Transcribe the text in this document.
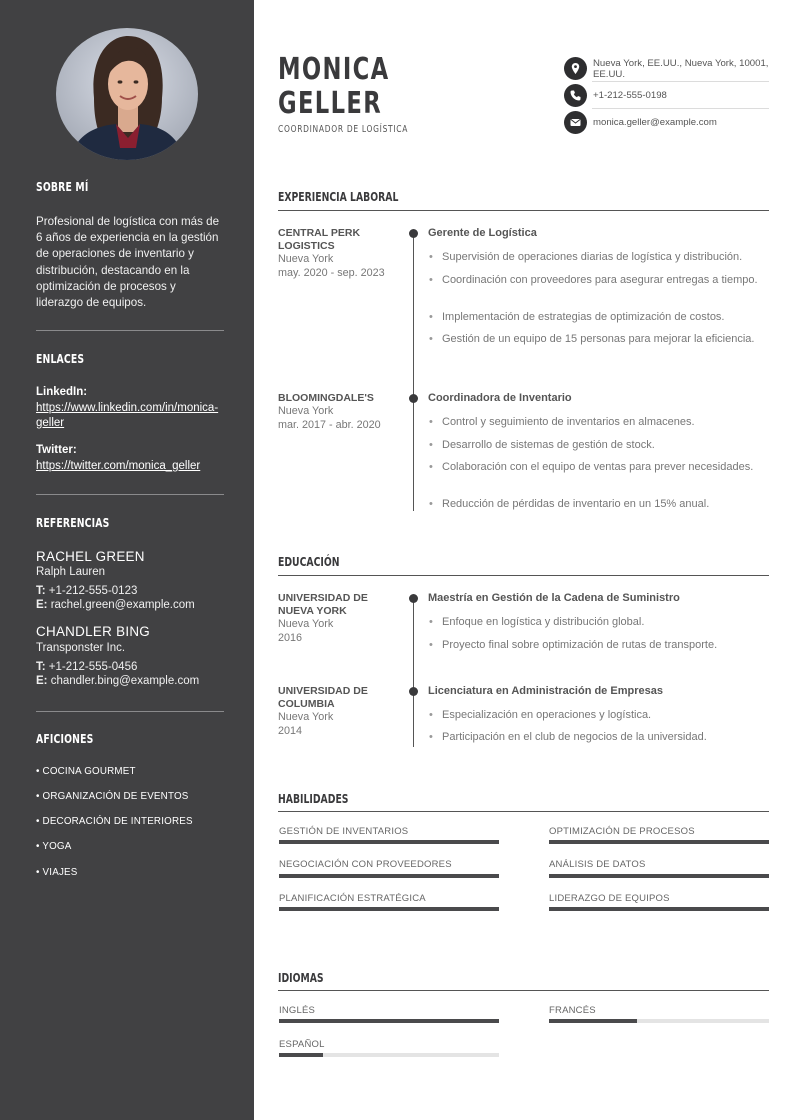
SOBRE MÍ
Profesional de logística con más de 6 años de experiencia en la gestión de operaciones de inventario y distribución, destacando en la optimización de procesos y liderazgo de equipos.
ENLACES
LinkedIn:
https://www.linkedin.com/in/monica-geller
Twitter:
https://twitter.com/monica_geller
REFERENCIAS
RACHEL GREEN
Ralph Lauren
T: +1-212-555-0123
E: rachel.green@example.com
CHANDLER BING
Transponster Inc.
T: +1-212-555-0456
E: chandler.bing@example.com
AFICIONES
• COCINA GOURMET
• ORGANIZACIÓN DE EVENTOS
• DECORACIÓN DE INTERIORES
• YOGA
• VIAJES
MONICA
GELLER
COORDINADOR DE LOGÍSTICA
Nueva York, EE.UU., Nueva York, 10001, EE.UU.
+1-212-555-0198
monica.geller@example.com
EXPERIENCIA LABORAL
CENTRAL PERK LOGISTICS
Nueva York
may. 2020 - sep. 2023
Gerente de Logística
• Supervisión de operaciones diarias de logística y distribución.
• Coordinación con proveedores para asegurar entregas a tiempo.
• Implementación de estrategias de optimización de costos.
• Gestión de un equipo de 15 personas para mejorar la eficiencia.
BLOOMINGDALE'S
Nueva York
mar. 2017 - abr. 2020
Coordinadora de Inventario
• Control y seguimiento de inventarios en almacenes.
• Desarrollo de sistemas de gestión de stock.
• Colaboración con el equipo de ventas para prever necesidades.
• Reducción de pérdidas de inventario en un 15% anual.
EDUCACIÓN
UNIVERSIDAD DE NUEVA YORK
Nueva York
2016
Maestría en Gestión de la Cadena de Suministro
• Enfoque en logística y distribución global.
• Proyecto final sobre optimización de rutas de transporte.
UNIVERSIDAD DE COLUMBIA
Nueva York
2014
Licenciatura en Administración de Empresas
• Especialización en operaciones y logística.
• Participación en el club de negocios de la universidad.
HABILIDADES
GESTIÓN DE INVENTARIOS	OPTIMIZACIÓN DE PROCESOS
NEGOCIACIÓN CON PROVEEDORES	ANÁLISIS DE DATOS
PLANIFICACIÓN ESTRATÉGICA	LIDERAZGO DE EQUIPOS
IDIOMAS
INGLÉS	FRANCÉS
ESPAÑOL
